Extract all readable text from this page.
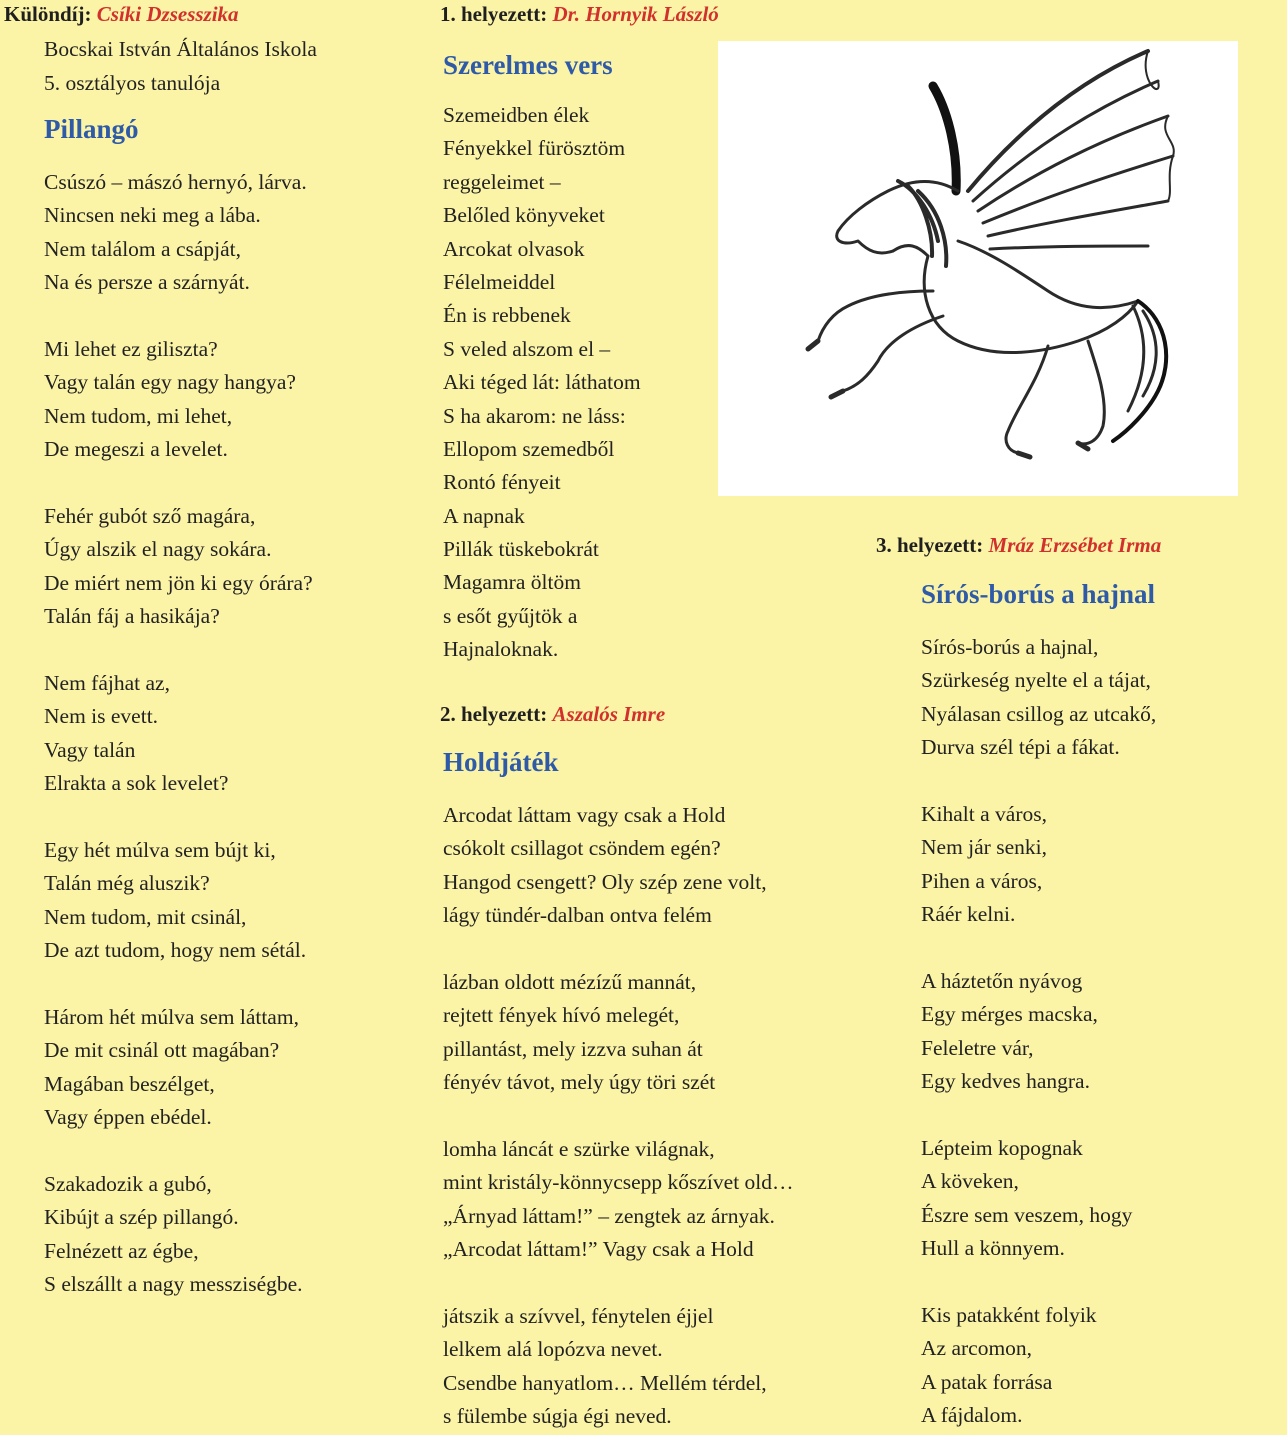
Különdíj: Csíki Dzsesszika
Bocskai István Általános Iskola
5. osztályos tanulója
Pillangó
Csúszó – mászó hernyó, lárva.
Nincsen neki meg a lába.
Nem találom a csápját,
Na és persze a szárnyát.
Mi lehet ez giliszta?
Vagy talán egy nagy hangya?
Nem tudom, mi lehet,
De megeszi a levelet.
Fehér gubót sző magára,
Úgy alszik el nagy sokára.
De miért nem jön ki egy órára?
Talán fáj a hasikája?
Nem fájhat az,
Nem is evett.
Vagy talán
Elrakta a sok levelet?
Egy hét múlva sem bújt ki,
Talán még aluszik?
Nem tudom, mit csinál,
De azt tudom, hogy nem sétál.
Három hét múlva sem láttam,
De mit csinál ott magában?
Magában beszélget,
Vagy éppen ebédel.
Szakadozik a gubó,
Kibújt a szép pillangó.
Felnézett az égbe,
S elszállt a nagy messziségbe.
1. helyezett: Dr. Hornyik László
Szerelmes vers
Szemeidben élek
Fényekkel fürösztöm
reggeleimet –
Belőled könyveket
Arcokat olvasok
Félelmeiddel
Én is rebbenek
S veled alszom el –
Aki téged lát: láthatom
S ha akarom: ne láss:
Ellopom szemedből
Rontó fényeit
A napnak
Pillák tüskebokrát
Magamra öltöm
s esőt gyűjtök a
Hajnaloknak.
2. helyezett: Aszalós Imre
Holdjáték
Arcodat láttam vagy csak a Hold
csókolt csillagot csöndem egén?
Hangod csengett? Oly szép zene volt,
lágy tündér-dalban ontva felém
lázban oldott mézízű mannát,
rejtett fények hívó melegét,
pillantást, mely izzva suhan át
fényév távot, mely úgy töri szét
lomha láncát e szürke világnak,
mint kristály-könnycsepp kőszívet old…
„Árnyad láttam!” – zengtek az árnyak.
„Arcodat láttam!” Vagy csak a Hold
játszik a szívvel, fénytelen éjjel
lelkem alá lopózva nevet.
Csendbe hanyatlom… Mellém térdel,
s fülembe súgja égi neved.
3. helyezett: Mráz Erzsébet Irma
Sírós-borús a hajnal
Sírós-borús a hajnal,
Szürkeség nyelte el a tájat,
Nyálasan csillog az utcakő,
Durva szél tépi a fákat.
Kihalt a város,
Nem jár senki,
Pihen a város,
Ráér kelni.
A háztetőn nyávog
Egy mérges macska,
Feleletre vár,
Egy kedves hangra.
Lépteim kopognak
A köveken,
Észre sem veszem, hogy
Hull a könnyem.
Kis patakként folyik
Az arcomon,
A patak forrása
A fájdalom.
